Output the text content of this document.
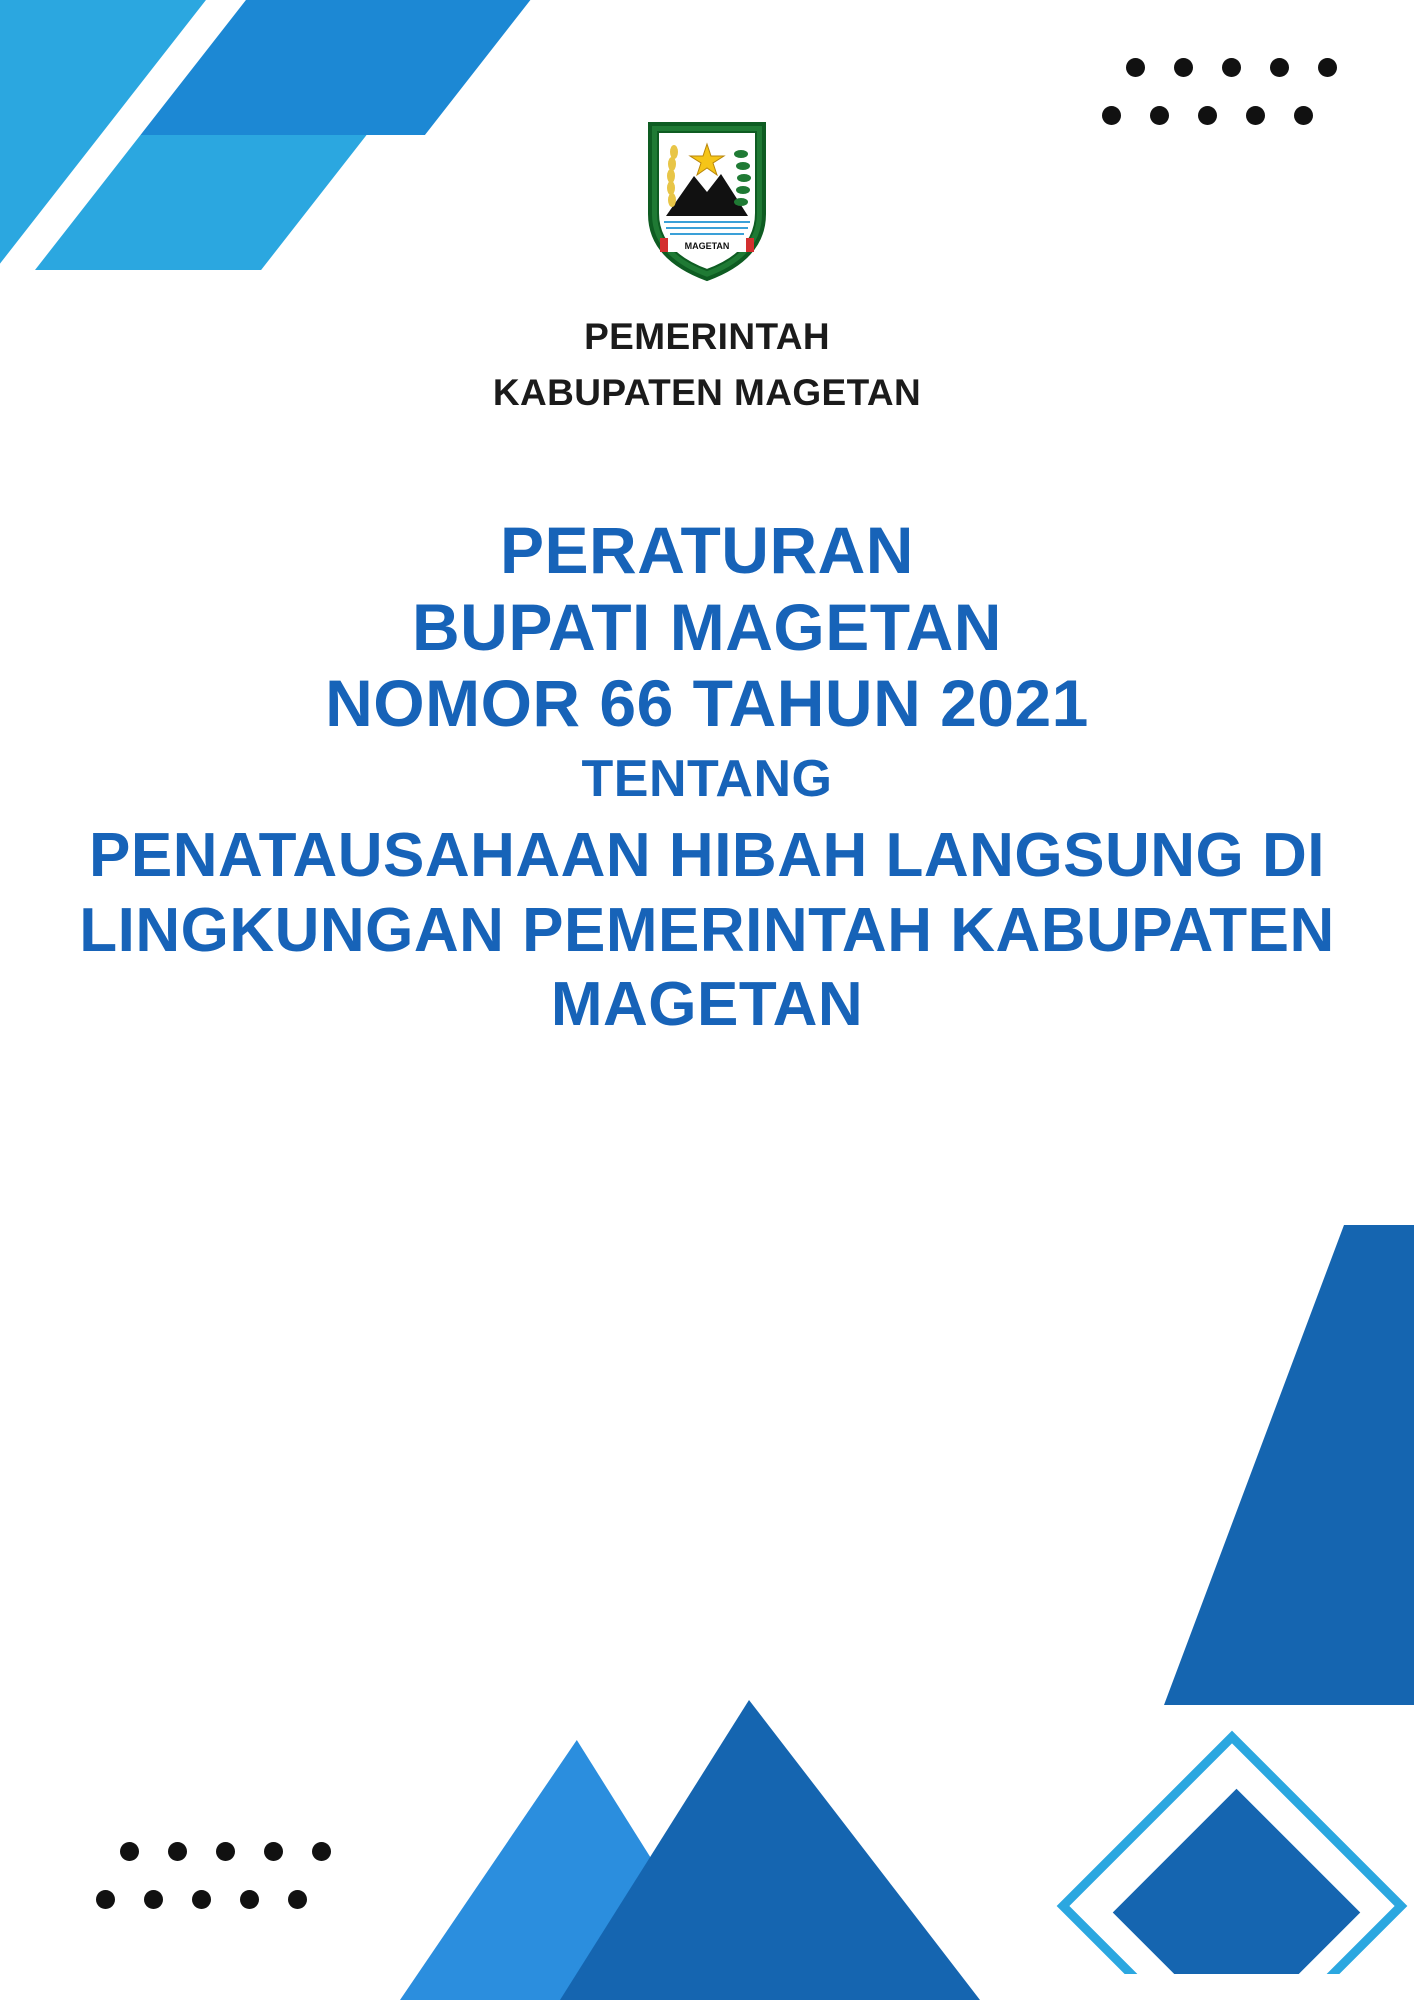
MAGETAN
PEMERINTAH
KABUPATEN MAGETAN
PERATURAN
BUPATI MAGETAN
NOMOR 66 TAHUN 2021
TENTANG
PENATAUSAHAAN HIBAH LANGSUNG DI LINGKUNGAN PEMERINTAH KABUPATEN MAGETAN
